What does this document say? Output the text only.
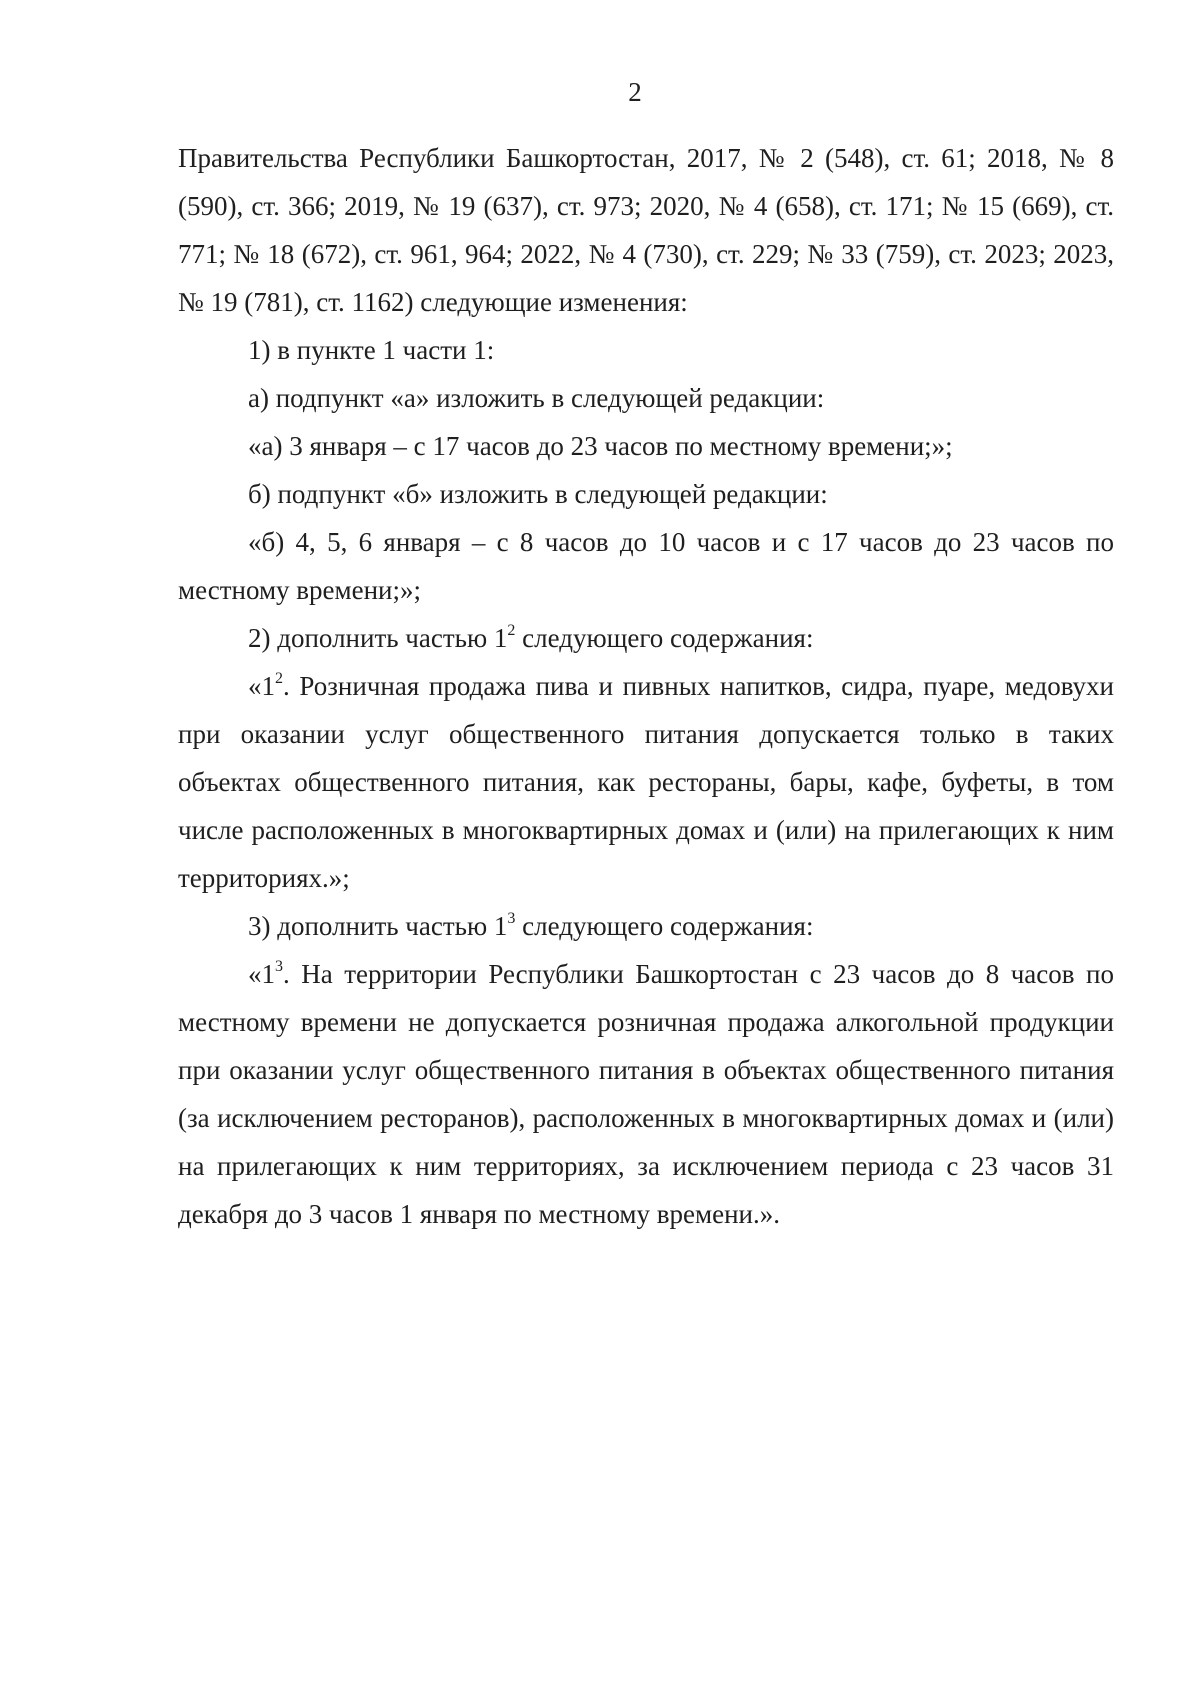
2

Правительства Республики Башкортостан, 2017, № 2 (548), ст. 61; 2018, № 8 (590), ст. 366; 2019, № 19 (637), ст. 973; 2020, № 4 (658), ст. 171; № 15 (669), ст. 771; № 18 (672), ст. 961, 964; 2022, № 4 (730), ст. 229; № 33 (759), ст. 2023; 2023, № 19 (781), ст. 1162) следующие изменения:

1) в пункте 1 части 1:

а) подпункт «а» изложить в следующей редакции:

«а) 3 января – с 17 часов до 23 часов по местному времени;»;

б) подпункт «б» изложить в следующей редакции:

«б) 4, 5, 6 января – с 8 часов до 10 часов и с 17 часов до 23 часов по местному времени;»;

2) дополнить частью $1^2$ следующего содержания:

«$1^2$. Розничная продажа пива и пивных напитков, сидра, пуаре, медовухи при оказании услуг общественного питания допускается только в таких объектах общественного питания, как рестораны, бары, кафе, буфеты, в том числе расположенных в многоквартирных домах и (или) на прилегающих к ним территориях.»;

3) дополнить частью $1^3$ следующего содержания:

«$1^3$. На территории Республики Башкортостан с 23 часов до 8 часов по местному времени не допускается розничная продажа алкогольной продукции при оказании услуг общественного питания в объектах общественного питания (за исключением ресторанов), расположенных в многоквартирных домах и (или) на прилегающих к ним территориях, за исключением периода с 23 часов 31 декабря до 3 часов 1 января по местному времени.».
